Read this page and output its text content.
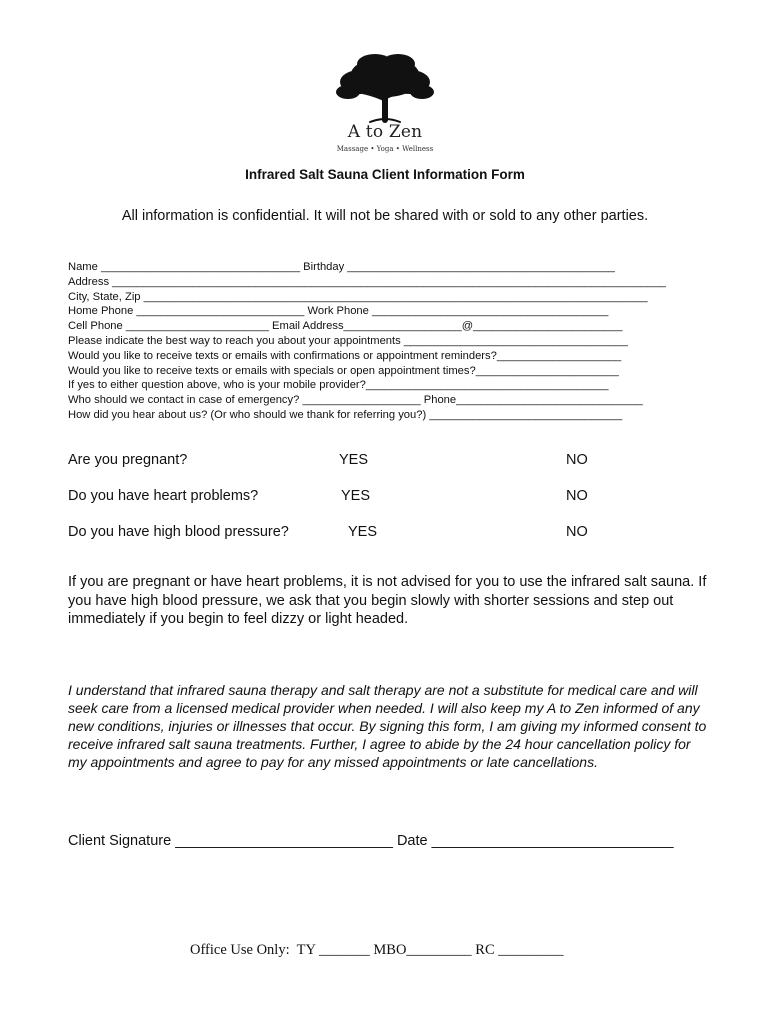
A to Zen
Massage • Yoga • Wellness
Infrared Salt Sauna Client Information Form
All information is confidential. It will not be shared with or sold to any other parties.
Name ________________________________ Birthday ___________________________________________
Address _________________________________________________________________________________________
City, State, Zip _________________________________________________________________________________
Home Phone ___________________________ Work Phone ______________________________________
Cell Phone _______________________ Email Address___________________@________________________
Please indicate the best way to reach you about your appointments ____________________________________
Would you like to receive texts or emails with confirmations or appointment reminders?____________________
Would you like to receive texts or emails with specials or open appointment times?_______________________
If yes to either question above, who is your mobile provider?_______________________________________
Who should we contact in case of emergency? ___________________ Phone______________________________
How did you hear about us? (Or who should we thank for referring you?) _______________________________
Are you pregnant?	YES	NO
Do you have heart problems?	YES	NO
Do you have high blood pressure?	YES	NO
If you are pregnant or have heart problems, it is not advised for you to use the infrared salt sauna. If you have high blood pressure, we ask that you begin slowly with shorter sessions and step out immediately if you begin to feel dizzy or light headed.
I understand that infrared sauna therapy and salt therapy are not a substitute for medical care and will seek care from a licensed medical provider when needed. I will also keep my A to Zen informed of any new conditions, injuries or illnesses that occur. By signing this form, I am giving my informed consent to receive infrared salt sauna treatments. Further, I agree to abide by the 24 hour cancellation policy for my appointments and agree to pay for any missed appointments or late cancellations.
Client Signature ___________________________ Date ______________________________
Office Use Only:  TY _______ MBO_________ RC _________
